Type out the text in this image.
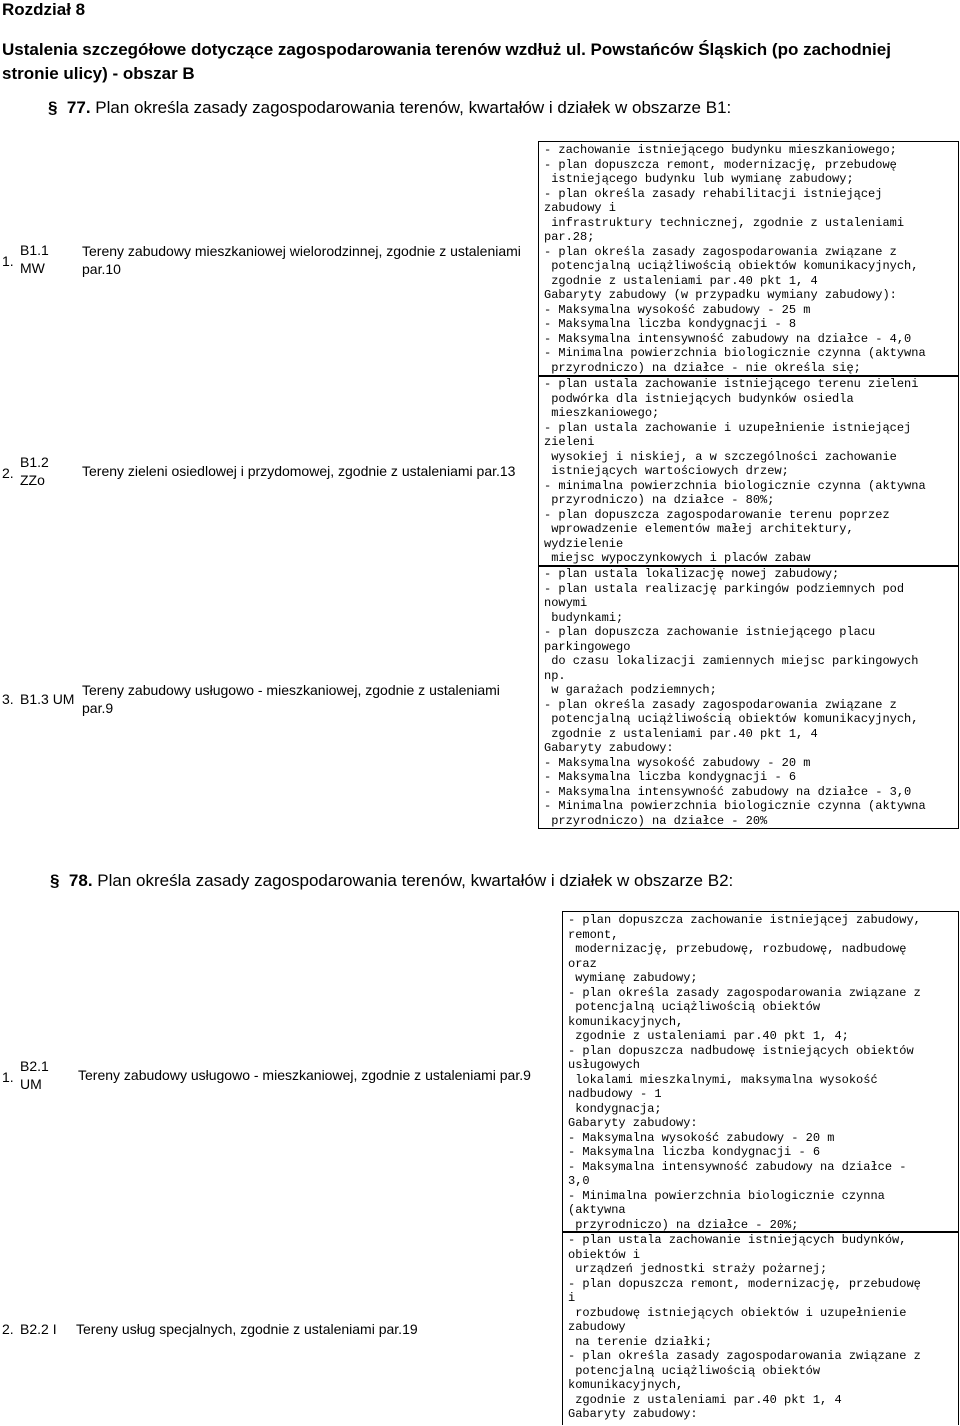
Rozdział 8
Ustalenia szczegółowe dotyczące zagospodarowania terenów wzdłuż ul. Powstańców Śląskich (po zachodniej stronie ulicy) - obszar B
§ 77. Plan określa zasady zagospodarowania terenów, kwartałów i działek w obszarze B1:
1.
B1.1
MW
Tereny zabudowy mieszkaniowej wielorodzinnej, zgodnie z ustaleniami par.10
- zachowanie istniejącego budynku mieszkaniowego;
- plan dopuszcza remont, modernizację, przebudowę
istniejącego budynku lub wymianę zabudowy;
- plan określa zasady rehabilitacji istniejącej
zabudowy i
infrastruktury technicznej, zgodnie z ustaleniami
par.28;
- plan określa zasady zagospodarowania związane z
potencjalną uciążliwością obiektów komunikacyjnych,
zgodnie z ustaleniami par.40 pkt 1, 4
Gabaryty zabudowy (w przypadku wymiany zabudowy):
- Maksymalna wysokość zabudowy - 25 m
- Maksymalna liczba kondygnacji - 8
- Maksymalna intensywność zabudowy na działce - 4,0
- Minimalna powierzchnia biologicznie czynna (aktywna
przyrodniczo) na działce - nie określa się;
2.
B1.2
ZZo
Tereny zieleni osiedlowej i przydomowej, zgodnie z ustaleniami par.13
- plan ustala zachowanie istniejącego terenu zieleni
podwórka dla istniejących budynków osiedla
mieszkaniowego;
- plan ustala zachowanie i uzupełnienie istniejącej
zieleni
wysokiej i niskiej, a w szczególności zachowanie
istniejących wartościowych drzew;
- minimalna powierzchnia biologicznie czynna (aktywna
przyrodniczo) na działce - 80%;
- plan dopuszcza zagospodarowanie terenu poprzez
wprowadzenie elementów małej architektury,
wydzielenie
miejsc wypoczynkowych i placów zabaw
3. B1.3 UM
Tereny zabudowy usługowo - mieszkaniowej, zgodnie z ustaleniami par.9
- plan ustala lokalizację nowej zabudowy;
- plan ustala realizację parkingów podziemnych pod
nowymi
budynkami;
- plan dopuszcza zachowanie istniejącego placu
parkingowego
do czasu lokalizacji zamiennych miejsc parkingowych
np.
w garażach podziemnych;
- plan określa zasady zagospodarowania związane z
potencjalną uciążliwością obiektów komunikacyjnych,
zgodnie z ustaleniami par.40 pkt 1, 4
Gabaryty zabudowy:
- Maksymalna wysokość zabudowy - 20 m
- Maksymalna liczba kondygnacji - 6
- Maksymalna intensywność zabudowy na działce - 3,0
- Minimalna powierzchnia biologicznie czynna (aktywna
przyrodniczo) na działce - 20%
§ 78. Plan określa zasady zagospodarowania terenów, kwartałów i działek w obszarze B2:
1.
B2.1
UM
Tereny zabudowy usługowo - mieszkaniowej, zgodnie z ustaleniami par.9
- plan dopuszcza zachowanie istniejącej zabudowy,
remont,
modernizację, przebudowę, rozbudowę, nadbudowę
oraz
wymianę zabudowy;
- plan określa zasady zagospodarowania związane z
potencjalną uciążliwością obiektów
komunikacyjnych,
zgodnie z ustaleniami par.40 pkt 1, 4;
- plan dopuszcza nadbudowę istniejących obiektów
usługowych
lokalami mieszkalnymi, maksymalna wysokość
nadbudowy - 1
kondygnacja;
Gabaryty zabudowy:
- Maksymalna wysokość zabudowy - 20 m
- Maksymalna liczba kondygnacji - 6
- Maksymalna intensywność zabudowy na działce -
3,0
- Minimalna powierzchnia biologicznie czynna
(aktywna
przyrodniczo) na działce - 20%;
2. B2.2 I Tereny usług specjalnych, zgodnie z ustaleniami par.19
- plan ustala zachowanie istniejących budynków,
obiektów i
urządzeń jednostki straży pożarnej;
- plan dopuszcza remont, modernizację, przebudowę
i
rozbudowę istniejących obiektów i uzupełnienie
zabudowy
na terenie działki;
- plan określa zasady zagospodarowania związane z
potencjalną uciążliwością obiektów
komunikacyjnych,
zgodnie z ustaleniami par.40 pkt 1, 4
Gabaryty zabudowy:
